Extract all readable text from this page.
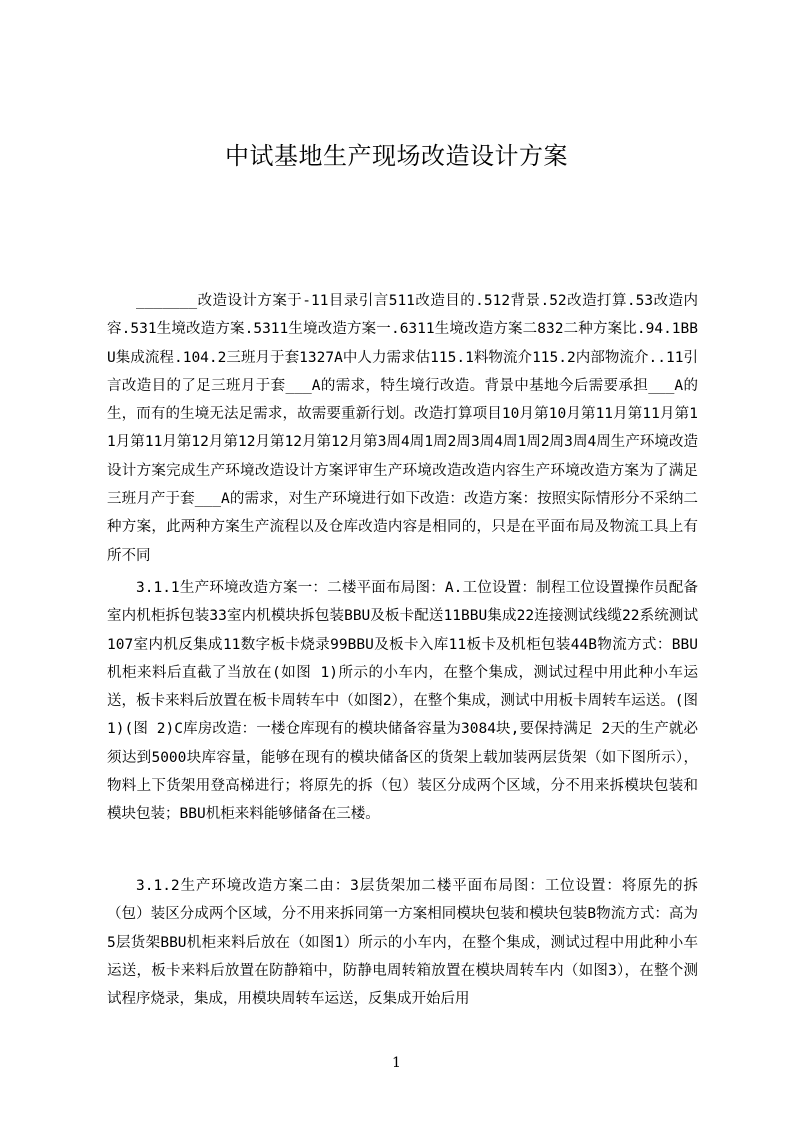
中试基地生产现场改造设计方案

_______改造设计方案于-11目录引言511改造目的.512背景.52改造打算.53改造内容.531生境改造方案.5311生境改造方案一.6311生境改造方案二832二种方案比.94.1BBU集成流程.104.2三班月于套1327A中人力需求估115.1料物流介115.2内部物流介..11引言改造目的了足三班月于套___A的需求，特生境行改造。背景中基地今后需要承担___A的生，而有的生境无法足需求，故需要重新行划。改造打算项目10月第10月第11月第11月第11月第11月第12月第12月第12月第12月第3周4周1周2周3周4周1周2周3周4周生产环境改造设计方案完成生产环境改造设计方案评审生产环境改造改造内容生产环境改造方案为了满足三班月产于套___A的需求，对生产环境进行如下改造：改造方案：按照实际情形分不采纳二种方案，此两种方案生产流程以及仓库改造内容是相同的，只是在平面布局及物流工具上有所不同

3.1.1生产环境改造方案一：二楼平面布局图：A.工位设置：制程工位设置操作员配备室内机柜拆包装33室内机模块拆包装BBU及板卡配送11BBU集成22连接测试线缆22系统测试107室内机反集成11数字板卡烧录99BBU及板卡入库11板卡及机柜包装44B物流方式：BBU机柜来料后直截了当放在(如图 1)所示的小车内，在整个集成，测试过程中用此种小车运送，板卡来料后放置在板卡周转车中（如图2），在整个集成，测试中用板卡周转车运送。(图1)(图 2)C库房改造：一楼仓库现有的模块储备容量为3084块,要保持满足 2天的生产就必须达到5000块库容量，能够在现有的模块储备区的货架上载加装两层货架（如下图所示），物料上下货架用登高梯进行；将原先的拆（包）装区分成两个区域，分不用来拆模块包装和模块包装；BBU机柜来料能够储备在三楼。

3.1.2生产环境改造方案二由：3层货架加二楼平面布局图：工位设置：将原先的拆（包）装区分成两个区域，分不用来拆同第一方案相同模块包装和模块包装B物流方式：高为5层货架BBU机柜来料后放在（如图1）所示的小车内，在整个集成，测试过程中用此种小车运送，板卡来料后放置在防静箱中，防静电周转箱放置在模块周转车内（如图3），在整个测试程序烧录，集成，用模块周转车运送，反集成开始后用

1
